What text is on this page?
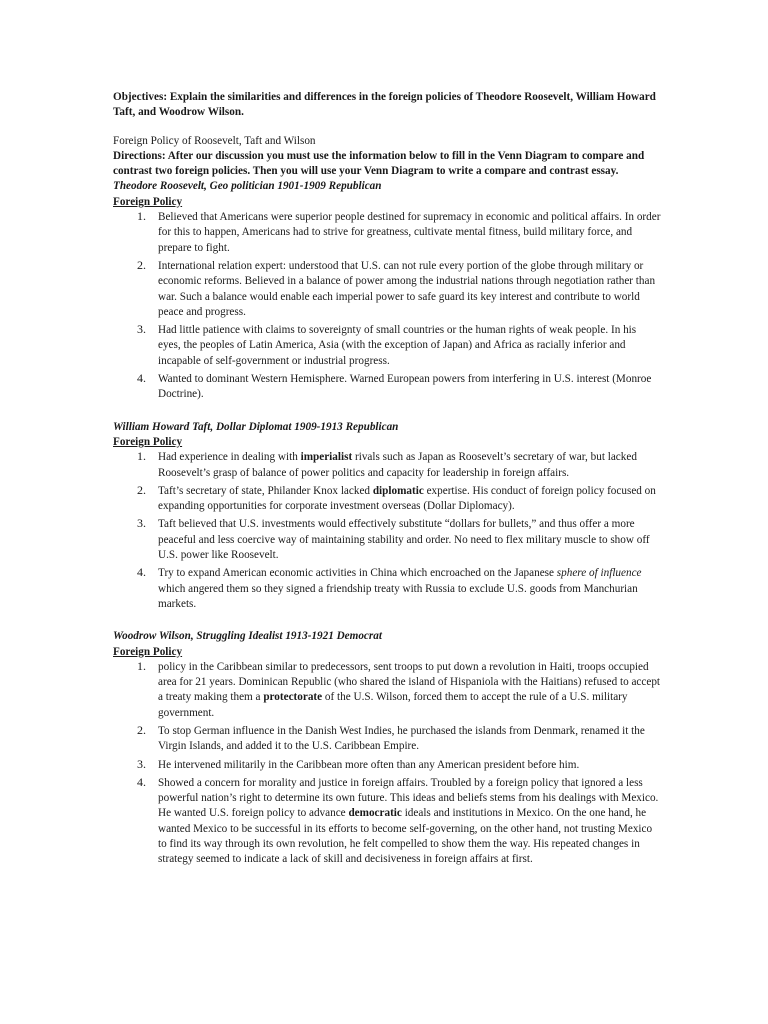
Objectives: Explain the similarities and differences in the foreign policies of Theodore Roosevelt, William Howard Taft, and Woodrow Wilson.

Foreign Policy of Roosevelt, Taft and Wilson

Directions: After our discussion you must use the information below to fill in the Venn Diagram to compare and contrast two foreign policies. Then you will use your Venn Diagram to write a compare and contrast essay.

Theodore Roosevelt, Geo politician 1901-1909 Republican

Foreign Policy

1. Believed that Americans were superior people destined for supremacy in economic and political affairs. In order for this to happen, Americans had to strive for greatness, cultivate mental fitness, build military force, and prepare to fight.
2. International relation expert: understood that U.S. can not rule every portion of the globe through military or economic reforms. Believed in a balance of power among the industrial nations through negotiation rather than war. Such a balance would enable each imperial power to safe guard its key interest and contribute to world peace and progress.
3. Had little patience with claims to sovereignty of small countries or the human rights of weak people. In his eyes, the peoples of Latin America, Asia (with the exception of Japan) and Africa as racially inferior and incapable of self-government or industrial progress.
4. Wanted to dominant Western Hemisphere. Warned European powers from interfering in U.S. interest (Monroe Doctrine).

William Howard Taft, Dollar Diplomat 1909-1913 Republican

Foreign Policy

1. Had experience in dealing with imperialist rivals such as Japan as Roosevelt’s secretary of war, but lacked Roosevelt’s grasp of balance of power politics and capacity for leadership in foreign affairs.
2. Taft’s secretary of state, Philander Knox lacked diplomatic expertise. His conduct of foreign policy focused on expanding opportunities for corporate investment overseas (Dollar Diplomacy).
3. Taft believed that U.S. investments would effectively substitute “dollars for bullets,” and thus offer a more peaceful and less coercive way of maintaining stability and order. No need to flex military muscle to show off U.S. power like Roosevelt.
4. Try to expand American economic activities in China which encroached on the Japanese sphere of influence which angered them so they signed a friendship treaty with Russia to exclude U.S. goods from Manchurian markets.

Woodrow Wilson, Struggling Idealist 1913-1921 Democrat

Foreign Policy

1. policy in the Caribbean similar to predecessors, sent troops to put down a revolution in Haiti, troops occupied area for 21 years. Dominican Republic (who shared the island of Hispaniola with the Haitians) refused to accept a treaty making them a protectorate of the U.S. Wilson, forced them to accept the rule of a U.S. military government.
2. To stop German influence in the Danish West Indies, he purchased the islands from Denmark, renamed it the Virgin Islands, and added it to the U.S. Caribbean Empire.
3. He intervened militarily in the Caribbean more often than any American president before him.
4. Showed a concern for morality and justice in foreign affairs. Troubled by a foreign policy that ignored a less powerful nation’s right to determine its own future. This ideas and beliefs stems from his dealings with Mexico. He wanted U.S. foreign policy to advance democratic ideals and institutions in Mexico. On the one hand, he wanted Mexico to be successful in its efforts to become self-governing, on the other hand, not trusting Mexico to find its way through its own revolution, he felt compelled to show them the way. His repeated changes in strategy seemed to indicate a lack of skill and decisiveness in foreign affairs at first.
